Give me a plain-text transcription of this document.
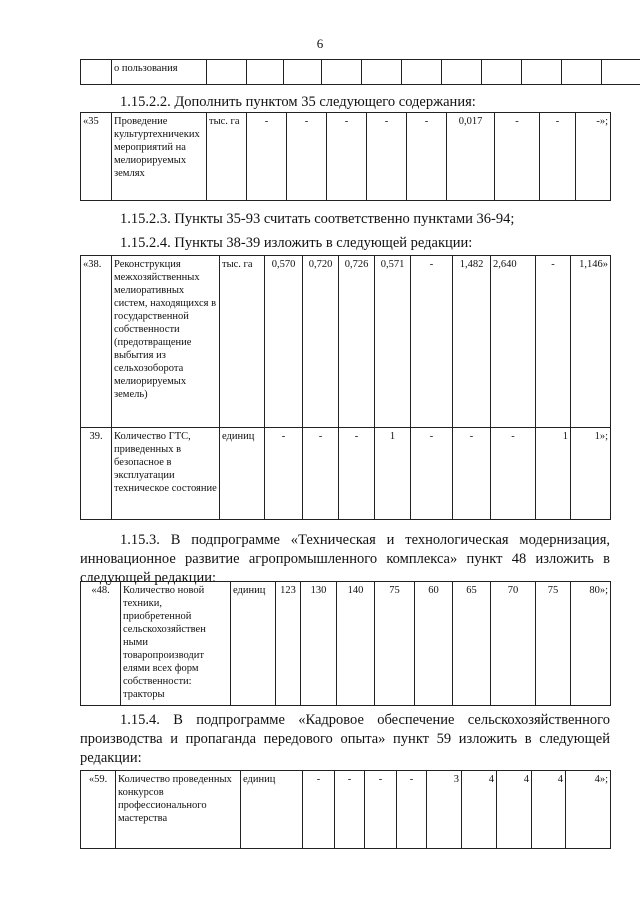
6
	о пользования											
1.15.2.2. Дополнить пунктом 35 следующего содержания:
«35	Проведение культуртехничеких мероприятий на мелиорируемых землях	тыс. га	-	-	-	-	-	0,017	-	-	-»;
1.15.2.3. Пункты 35-93 считать соответственно пунктами 36-94;
1.15.2.4. Пункты 38-39 изложить в следующей редакции:
«38.	Реконструкция межхозяйственных мелиоративных систем, находящихся в государственной собственности (предотвращение выбытия из сельхозоборота мелиорируемых земель)	тыс. га	0,570	0,720	0,726	0,571	-	1,482	2,640	-	1,146»
39.	Количество ГТС, приведенных в безопасное в эксплуатации техническое состояние	единиц	-	-	-	1	-	-	-	1	1»;
1.15.3. В подпрограмме «Техническая и технологическая модернизация,
инновационное развитие агропромышленного комплекса» пункт 48 изложить в
следующей редакции:
«48.	Количество новой техники, приобретенной сельскохозяйствен ными товаропроизводит елями всех форм собственности: тракторы	единиц	123	130	140	75	60	65	70	75	80»;
1.15.4. В подпрограмме «Кадровое обеспечение сельскохозяйственного
производства и пропаганда передового опыта» пункт 59 изложить в следующей
редакции:
«59.	Количество проведенных конкурсов профессионального мастерства	единиц	-	-	-	-	3	4	4	4	4»;
